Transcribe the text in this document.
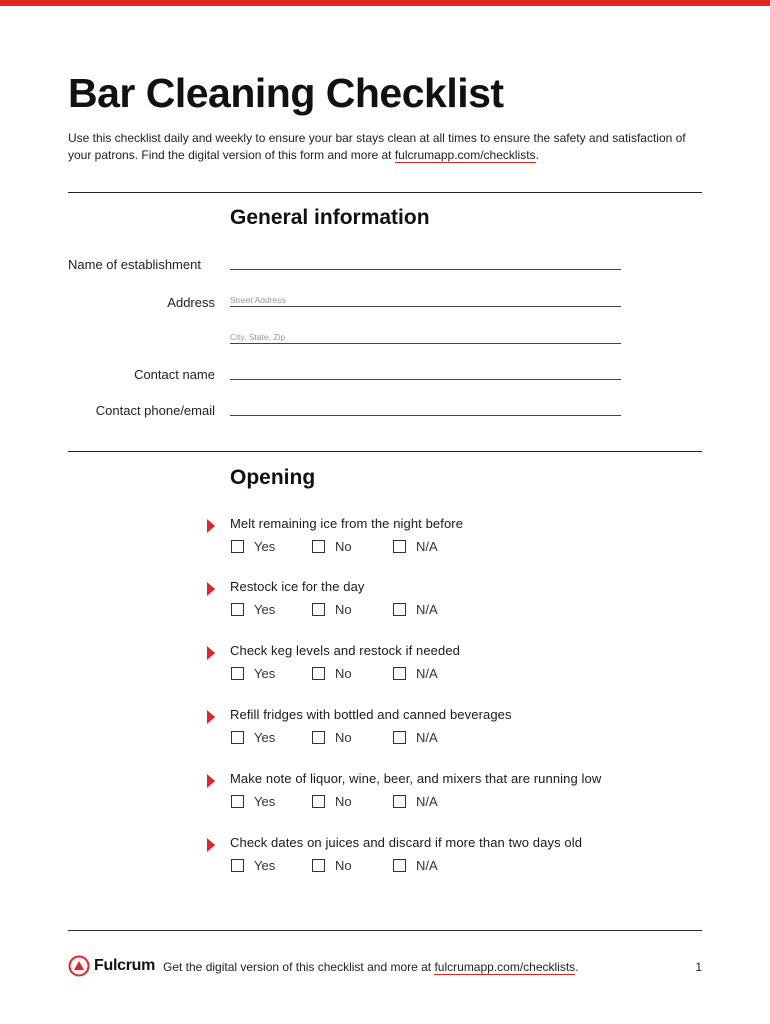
Bar Cleaning Checklist

Use this checklist daily and weekly to ensure your bar stays clean at all times to ensure the safety and satisfaction of your patrons. Find the digital version of this form and more at fulcrumapp.com/checklists.

General information
Name of establishment
Address Street Address
City, State, Zip
Contact name
Contact phone/email
Opening
Melt remaining ice from the night before
Yes	No	N/A
Restock ice for the day
Yes	No	N/A
Check keg levels and restock if needed
Yes	No	N/A
Refill fridges with bottled and canned beverages
Yes	No	N/A
Make note of liquor, wine, beer, and mixers that are running low
Yes	No	N/A
Check dates on juices and discard if more than two days old
Yes	No	N/A
Fulcrum Get the digital version of this checklist and more at fulcrumapp.com/checklists.	1
